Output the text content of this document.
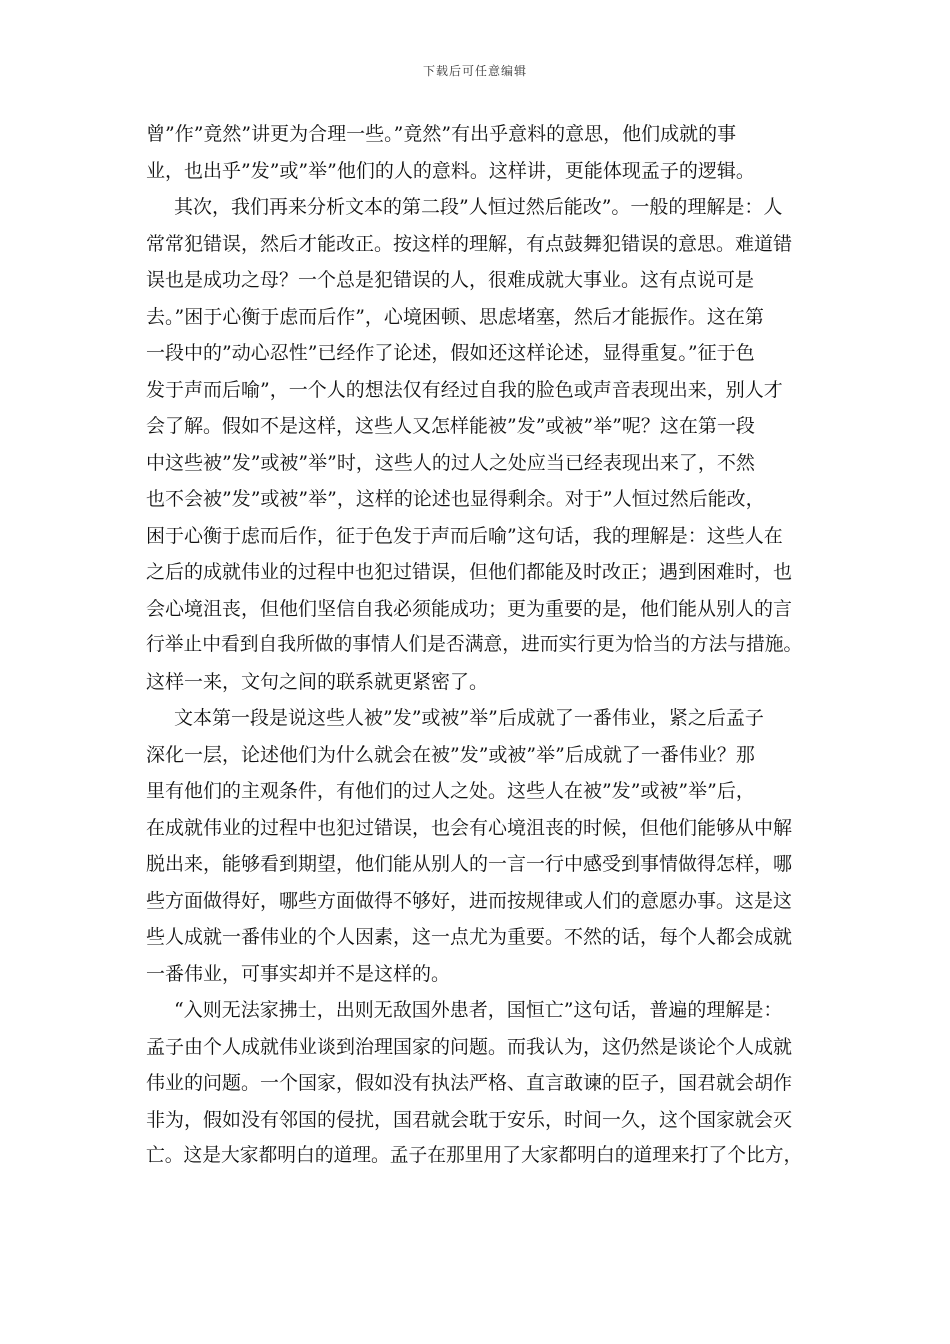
下载后可任意编辑
曾”作”竟然”讲更为合理一些。”竟然”有出乎意料的意思，他们成就的事
业，也出乎”发”或”举”他们的人的意料。这样讲，更能体现孟子的逻辑。
其次，我们再来分析文本的第二段”人恒过然后能改”。一般的理解是：人
常常犯错误，然后才能改正。按这样的理解，有点鼓舞犯错误的意思。难道错
误也是成功之母？一个总是犯错误的人，很难成就大事业。这有点说可是
去。”困于心衡于虑而后作”，心境困顿、思虑堵塞，然后才能振作。这在第
一段中的”动心忍性”已经作了论述，假如还这样论述，显得重复。”征于色
发于声而后喻”，一个人的想法仅有经过自我的脸色或声音表现出来，别人才
会了解。假如不是这样，这些人又怎样能被”发”或被”举”呢？这在第一段
中这些被”发”或被”举”时，这些人的过人之处应当已经表现出来了，不然
也不会被”发”或被”举”，这样的论述也显得剩余。对于”人恒过然后能改，
困于心衡于虑而后作，征于色发于声而后喻”这句话，我的理解是：这些人在
之后的成就伟业的过程中也犯过错误，但他们都能及时改正；遇到困难时，也
会心境沮丧，但他们坚信自我必须能成功；更为重要的是，他们能从别人的言
行举止中看到自我所做的事情人们是否满意，进而实行更为恰当的方法与措施。
这样一来，文句之间的联系就更紧密了。
文本第一段是说这些人被”发”或被”举”后成就了一番伟业，紧之后孟子
深化一层，论述他们为什么就会在被”发”或被”举”后成就了一番伟业？那
里有他们的主观条件，有他们的过人之处。这些人在被”发”或被”举”后，
在成就伟业的过程中也犯过错误，也会有心境沮丧的时候，但他们能够从中解
脱出来，能够看到期望，他们能从别人的一言一行中感受到事情做得怎样，哪
些方面做得好，哪些方面做得不够好，进而按规律或人们的意愿办事。这是这
些人成就一番伟业的个人因素，这一点尤为重要。不然的话，每个人都会成就
一番伟业，可事实却并不是这样的。
“入则无法家拂士，出则无敌国外患者，国恒亡”这句话，普遍的理解是：
孟子由个人成就伟业谈到治理国家的问题。而我认为，这仍然是谈论个人成就
伟业的问题。一个国家，假如没有执法严格、直言敢谏的臣子，国君就会胡作
非为，假如没有邻国的侵扰，国君就会耽于安乐，时间一久，这个国家就会灭
亡。这是大家都明白的道理。孟子在那里用了大家都明白的道理来打了个比方，
